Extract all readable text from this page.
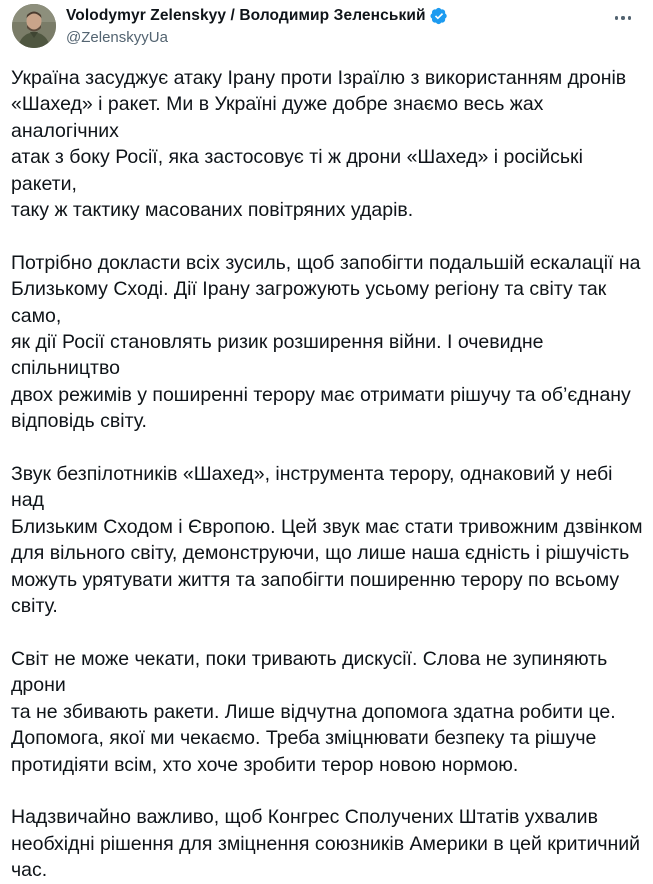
Volodymyr Zelenskyy / Володимир Зеленський
@ZelenskyyUa

Україна засуджує атаку Ірану проти Ізраїлю з використанням дронів
«Шахед» і ракет. Ми в Україні дуже добре знаємо весь жах аналогічних
атак з боку Росії, яка застосовує ті ж дрони «Шахед» і російські ракети,
таку ж тактику масованих повітряних ударів.

Потрібно докласти всіх зусиль, щоб запобігти подальшій ескалації на
Близькому Сході. Дії Ірану загрожують усьому регіону та світу так само,
як дії Росії становлять ризик розширення війни. І очевидне спільництво
двох режимів у поширенні терору має отримати рішучу та об’єднану
відповідь світу.

Звук безпілотників «Шахед», інструмента терору, однаковий у небі над
Близьким Сходом і Європою. Цей звук має стати тривожним дзвінком
для вільного світу, демонструючи, що лише наша єдність і рішучість
можуть урятувати життя та запобігти поширенню терору по всьому
світу.

Світ не може чекати, поки тривають дискусії. Слова не зупиняють дрони
та не збивають ракети. Лише відчутна допомога здатна робити це.
Допомога, якої ми чекаємо. Треба зміцнювати безпеку та рішуче
протидіяти всім, хто хоче зробити терор новою нормою.

Надзвичайно важливо, щоб Конгрес Сполучених Штатів ухвалив
необхідні рішення для зміцнення союзників Америки в цей критичний
час.
